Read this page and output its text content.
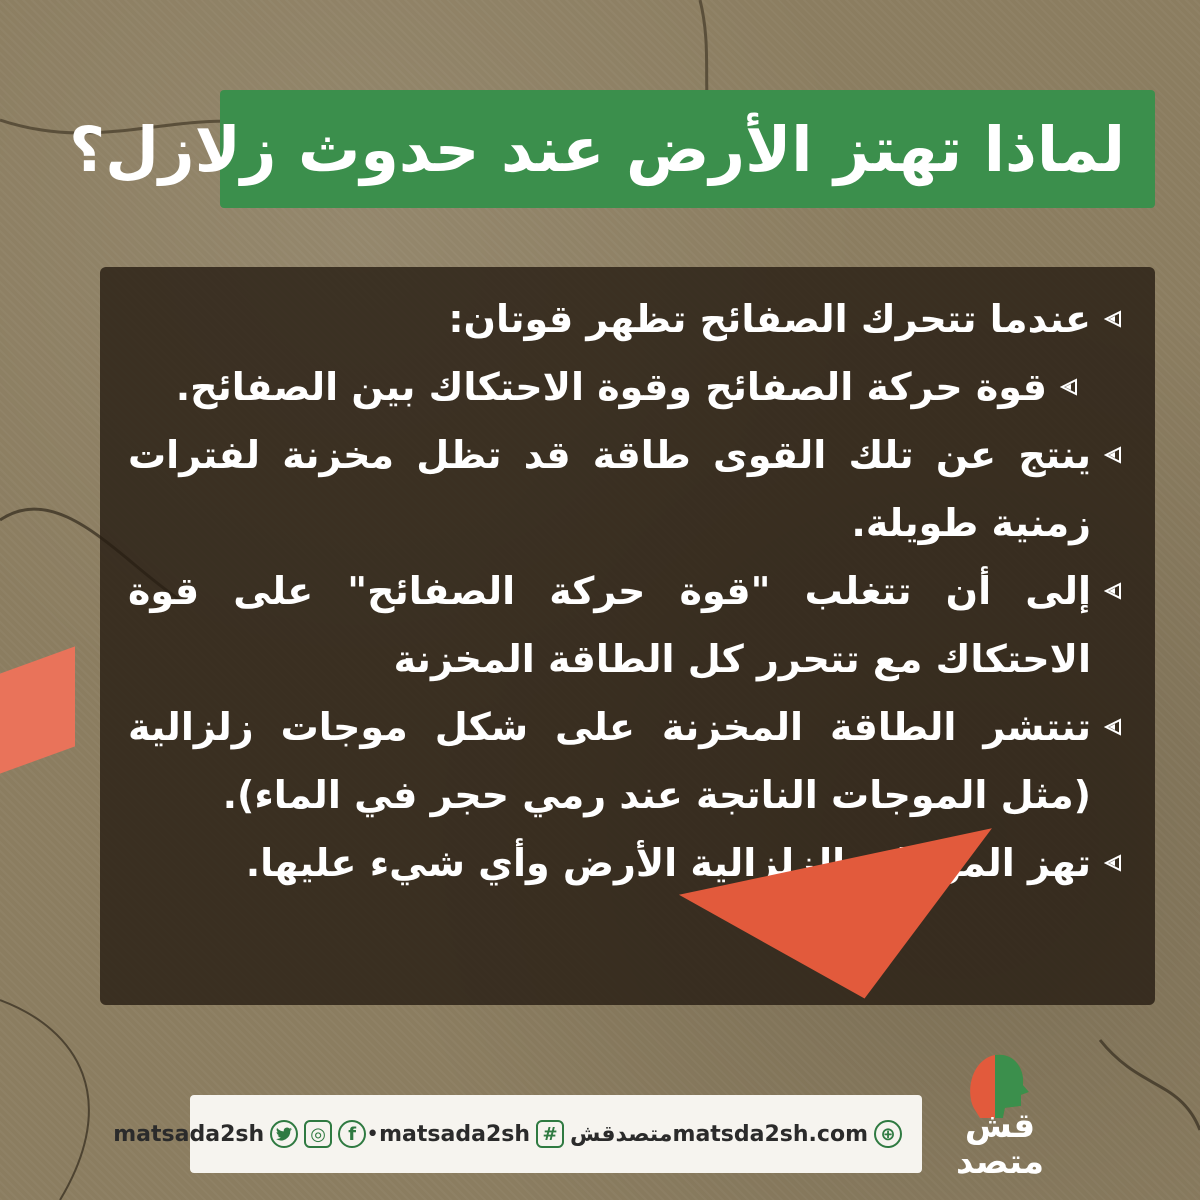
لماذا تهتز الأرض عند حدوث زلازل؟
عندما تتحرك الصفائح تظهر قوتان:
قوة حركة الصفائح وقوة الاحتكاك بين الصفائح.
ينتج عن تلك القوى طاقة قد تظل مخزنة لفترات زمنية طويلة.
إلى أن تتغلب "قوة حركة الصفائح" على قوة الاحتكاك مع تتحرر كل الطاقة المخزنة
تنتشر الطاقة المخزنة على شكل موجات زلزالية (مثل الموجات الناتجة عند رمي حجر في الماء).
تهز الموجات الزلزالية الأرض وأي شيء عليها.
matsda2sh.com ⊕
matsada2sh # متصدقش
•
matsada2sh	◎	f	قش
متصد
